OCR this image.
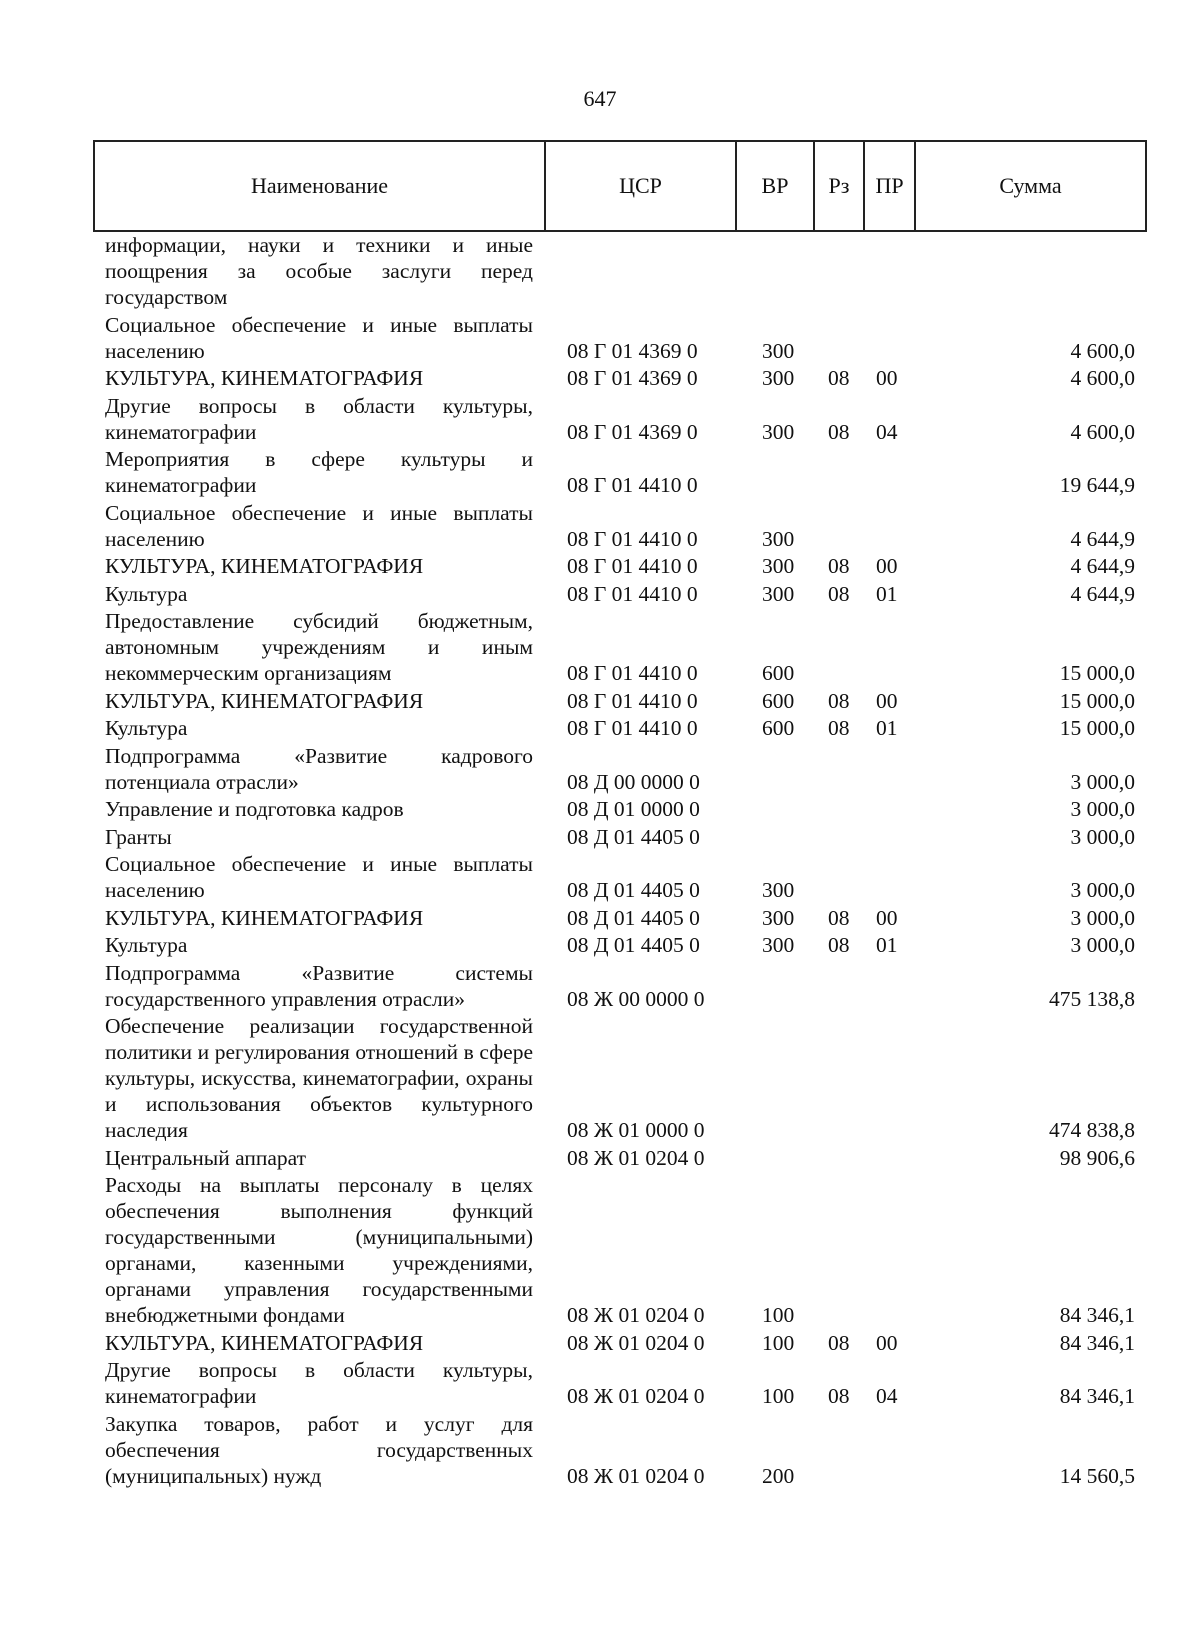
647
Наименование	ЦСР	ВР	Рз	ПР	Сумма
информации, науки и техники и иные поощрения за особые заслуги перед государством					
Социальное обеспечение и иные выплаты населению	08 Г 01 4369 0	300			4 600,0
КУЛЬТУРА, КИНЕМАТОГРАФИЯ	08 Г 01 4369 0	300	08	00	4 600,0
Другие вопросы в области культуры, кинематографии	08 Г 01 4369 0	300	08	04	4 600,0
Мероприятия в сфере культуры и кинематографии	08 Г 01 4410 0				19 644,9
Социальное обеспечение и иные выплаты населению	08 Г 01 4410 0	300			4 644,9
КУЛЬТУРА, КИНЕМАТОГРАФИЯ	08 Г 01 4410 0	300	08	00	4 644,9
Культура	08 Г 01 4410 0	300	08	01	4 644,9
Предоставление субсидий бюджетным, автономным учреждениям и иным некоммерческим организациям	08 Г 01 4410 0	600			15 000,0
КУЛЬТУРА, КИНЕМАТОГРАФИЯ	08 Г 01 4410 0	600	08	00	15 000,0
Культура	08 Г 01 4410 0	600	08	01	15 000,0
Подпрограмма «Развитие кадрового потенциала отрасли»	08 Д 00 0000 0				3 000,0
Управление и подготовка кадров	08 Д 01 0000 0				3 000,0
Гранты	08 Д 01 4405 0				3 000,0
Социальное обеспечение и иные выплаты населению	08 Д 01 4405 0	300			3 000,0
КУЛЬТУРА, КИНЕМАТОГРАФИЯ	08 Д 01 4405 0	300	08	00	3 000,0
Культура	08 Д 01 4405 0	300	08	01	3 000,0
Подпрограмма «Развитие системы государственного управления отрасли»	08 Ж 00 0000 0				475 138,8
Обеспечение реализации государственной политики и регулирования отношений в сфере культуры, искусства, кинематографии, охраны и использования объектов культурного наследия	08 Ж 01 0000 0				474 838,8
Центральный аппарат	08 Ж 01 0204 0				98 906,6
Расходы на выплаты персоналу в целях обеспечения выполнения функций государственными (муниципальными) органами, казенными учреждениями, органами управления государственными внебюджетными фондами	08 Ж 01 0204 0	100			84 346,1
КУЛЬТУРА, КИНЕМАТОГРАФИЯ	08 Ж 01 0204 0	100	08	00	84 346,1
Другие вопросы в области культуры, кинематографии	08 Ж 01 0204 0	100	08	04	84 346,1
Закупка товаров, работ и услуг для обеспечения государственных (муниципальных) нужд	08 Ж 01 0204 0	200			14 560,5
